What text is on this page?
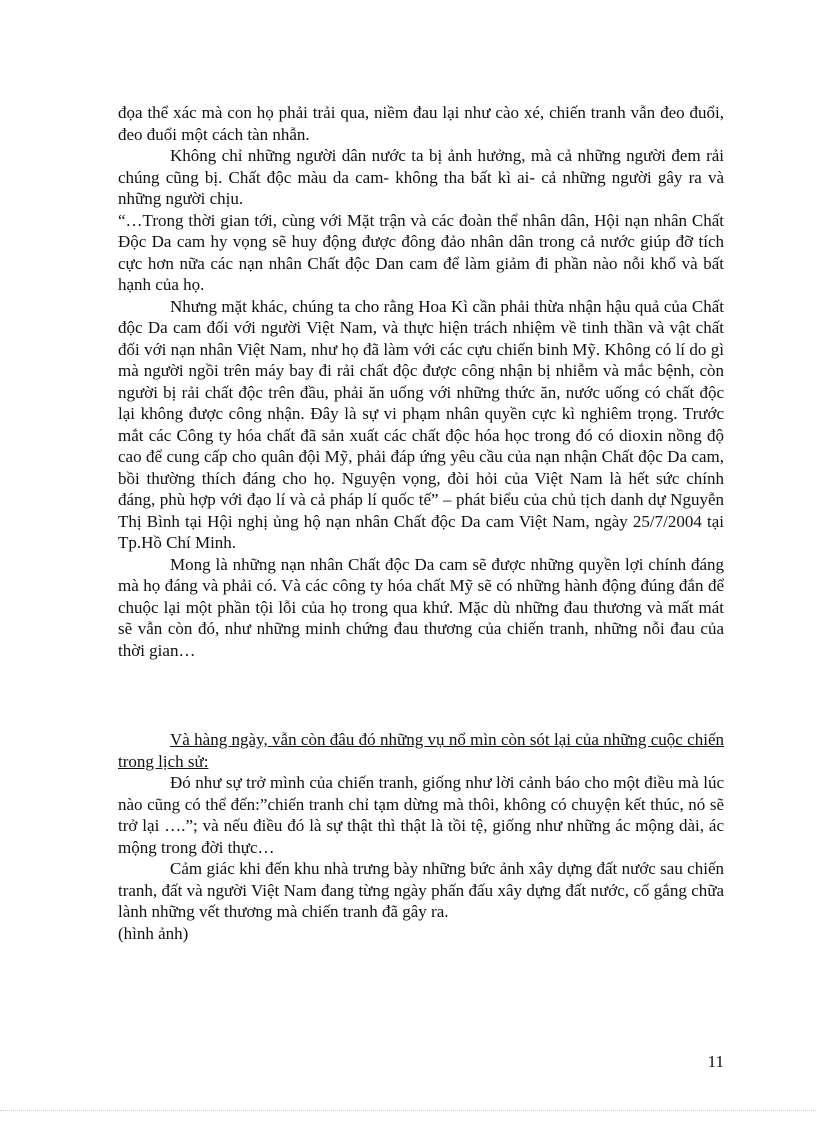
đọa thể xác mà con họ phải trải qua, niềm đau lại như cào xé, chiến tranh vẫn đeo đuổi, đeo đuổi một cách tàn nhẫn.

Không chỉ những người dân nước ta bị ảnh hưởng, mà cả những người đem rải chúng cũng bị. Chất độc màu da cam- không tha bất kì ai- cả những người gây ra và những người chịu.

“…Trong thời gian tới, cùng với Mặt trận và các đoàn thể nhân dân, Hội nạn nhân Chất Độc Da cam hy vọng sẽ huy động được đông đảo nhân dân trong cả nước giúp đỡ tích cực hơn nữa các nạn nhân Chất độc Dan cam để làm giảm đi phần nào nỗi khổ và bất hạnh của họ.

Nhưng mặt khác, chúng ta cho rằng Hoa Kì cần phải thừa nhận hậu quả của Chất độc Da cam đối với người Việt Nam, và thực hiện trách nhiệm về tinh thần và vật chất đối với nạn nhân Việt Nam, như họ đã làm với các cựu chiến binh Mỹ. Không có lí do gì mà người ngồi trên máy bay đi rải chất độc được công nhận bị nhiễm và mắc bệnh, còn người bị rải chất độc trên đầu, phải ăn uống với những thức ăn, nước uống có chất độc lại không được công nhận. Đây là sự vi phạm nhân quyền cực kì nghiêm trọng. Trước mắt các Công ty hóa chất đã sản xuất các chất độc hóa học trong đó có dioxin nồng độ cao để cung cấp cho quân đội Mỹ, phải đáp ứng yêu cầu của nạn nhận Chất độc Da cam, bồi thường thích đáng cho họ. Nguyện vọng, đòi hỏi của Việt Nam là hết sức chính đáng, phù hợp với đạo lí và cả pháp lí quốc tế” – phát biểu của chủ tịch danh dự Nguyễn Thị Bình tại Hội nghị ủng hộ nạn nhân Chất độc Da cam Việt Nam, ngày 25/7/2004 tại Tp.Hồ Chí Minh.

Mong là những nạn nhân Chất độc Da cam sẽ được những quyền lợi chính đáng mà họ đáng và phải có. Và các công ty hóa chất Mỹ sẽ có những hành động đúng đắn để chuộc lại một phần tội lỗi của họ trong qua khứ. Mặc dù những đau thương và mất mát sẽ vẫn còn đó, như những minh chứng đau thương của chiến tranh, những nỗi đau của thời gian…

Và hàng ngày, vẫn còn đâu đó những vụ nổ mìn còn sót lại của những cuộc chiến trong lịch sử:

Đó như sự trở mình của chiến tranh, giống như lời cảnh báo cho một điều mà lúc nào cũng có thể đến:”chiến tranh chỉ tạm dừng mà thôi, không có chuyện kết thúc, nó sẽ trở lại ….”; và nếu điều đó là sự thật thì thật là tồi tệ, giống như những ác mộng dài, ác mộng trong đời thực…

Cảm giác khi đến khu nhà trưng bày những bức ảnh xây dựng đất nước sau chiến tranh, đất và người Việt Nam đang từng ngày phấn đấu xây dựng đất nước, cố gắng chữa lành những vết thương mà chiến tranh đã gây ra.

(hình ảnh)

11
